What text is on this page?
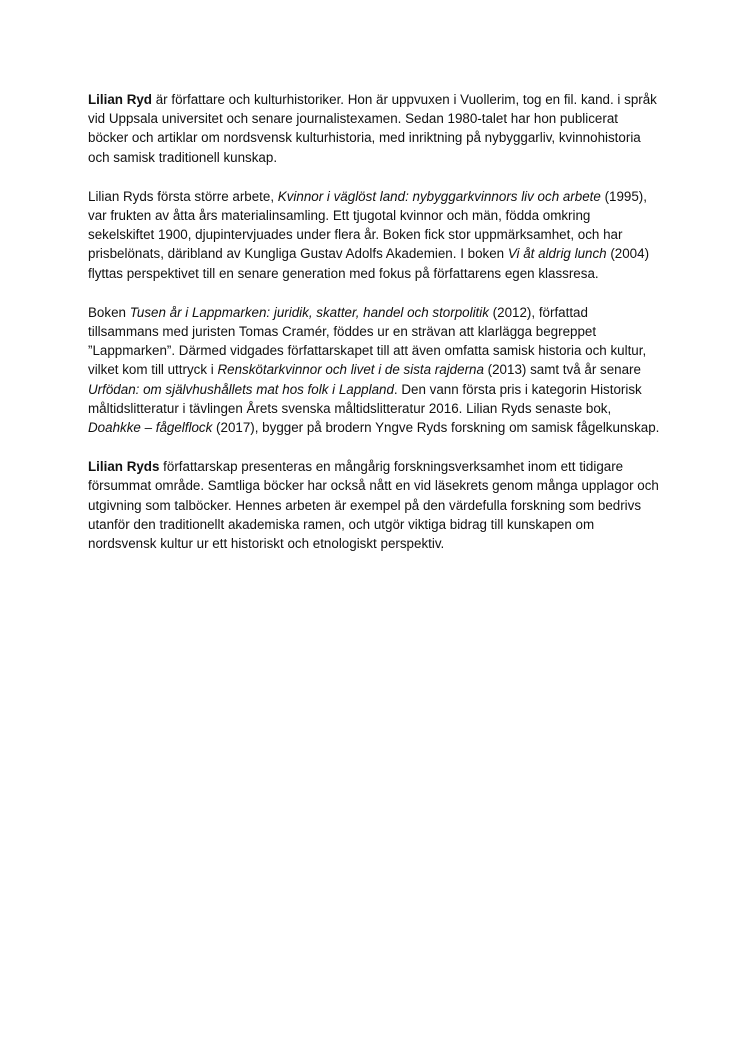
Lilian Ryd är författare och kulturhistoriker. Hon är uppvuxen i Vuollerim, tog en fil. kand. i språk vid Uppsala universitet och senare journalistexamen. Sedan 1980-talet har hon publicerat böcker och artiklar om nordsvensk kulturhistoria, med inriktning på nybyggarliv, kvinnohistoria och samisk traditionell kunskap.

Lilian Ryds första större arbete, Kvinnor i väglöst land: nybyggarkvinnors liv och arbete (1995), var frukten av åtta års materialinsamling. Ett tjugotal kvinnor och män, födda omkring sekelskiftet 1900, djupintervjuades under flera år. Boken fick stor uppmärksamhet, och har prisbelönats, däribland av Kungliga Gustav Adolfs Akademien. I boken Vi åt aldrig lunch (2004) flyttas perspektivet till en senare generation med fokus på författarens egen klassresa.

Boken Tusen år i Lappmarken: juridik, skatter, handel och storpolitik (2012), författad tillsammans med juristen Tomas Cramér, föddes ur en strävan att klarlägga begreppet ”Lappmarken”. Därmed vidgades författarskapet till att även omfatta samisk historia och kultur, vilket kom till uttryck i Renskötarkvinnor och livet i de sista rajderna (2013) samt två år senare Urfödan: om självhushållets mat hos folk i Lappland. Den vann första pris i kategorin Historisk måltidslitteratur i tävlingen Årets svenska måltidslitteratur 2016. Lilian Ryds senaste bok, Doahkke – fågelflock (2017), bygger på brodern Yngve Ryds forskning om samisk fågelkunskap.

Lilian Ryds författarskap presenteras en mångårig forskningsverksamhet inom ett tidigare försummat område. Samtliga böcker har också nått en vid läsekrets genom många upplagor och utgivning som talböcker. Hennes arbeten är exempel på den värdefulla forskning som bedrivs utanför den traditionellt akademiska ramen, och utgör viktiga bidrag till kunskapen om nordsvensk kultur ur ett historiskt och etnologiskt perspektiv.
